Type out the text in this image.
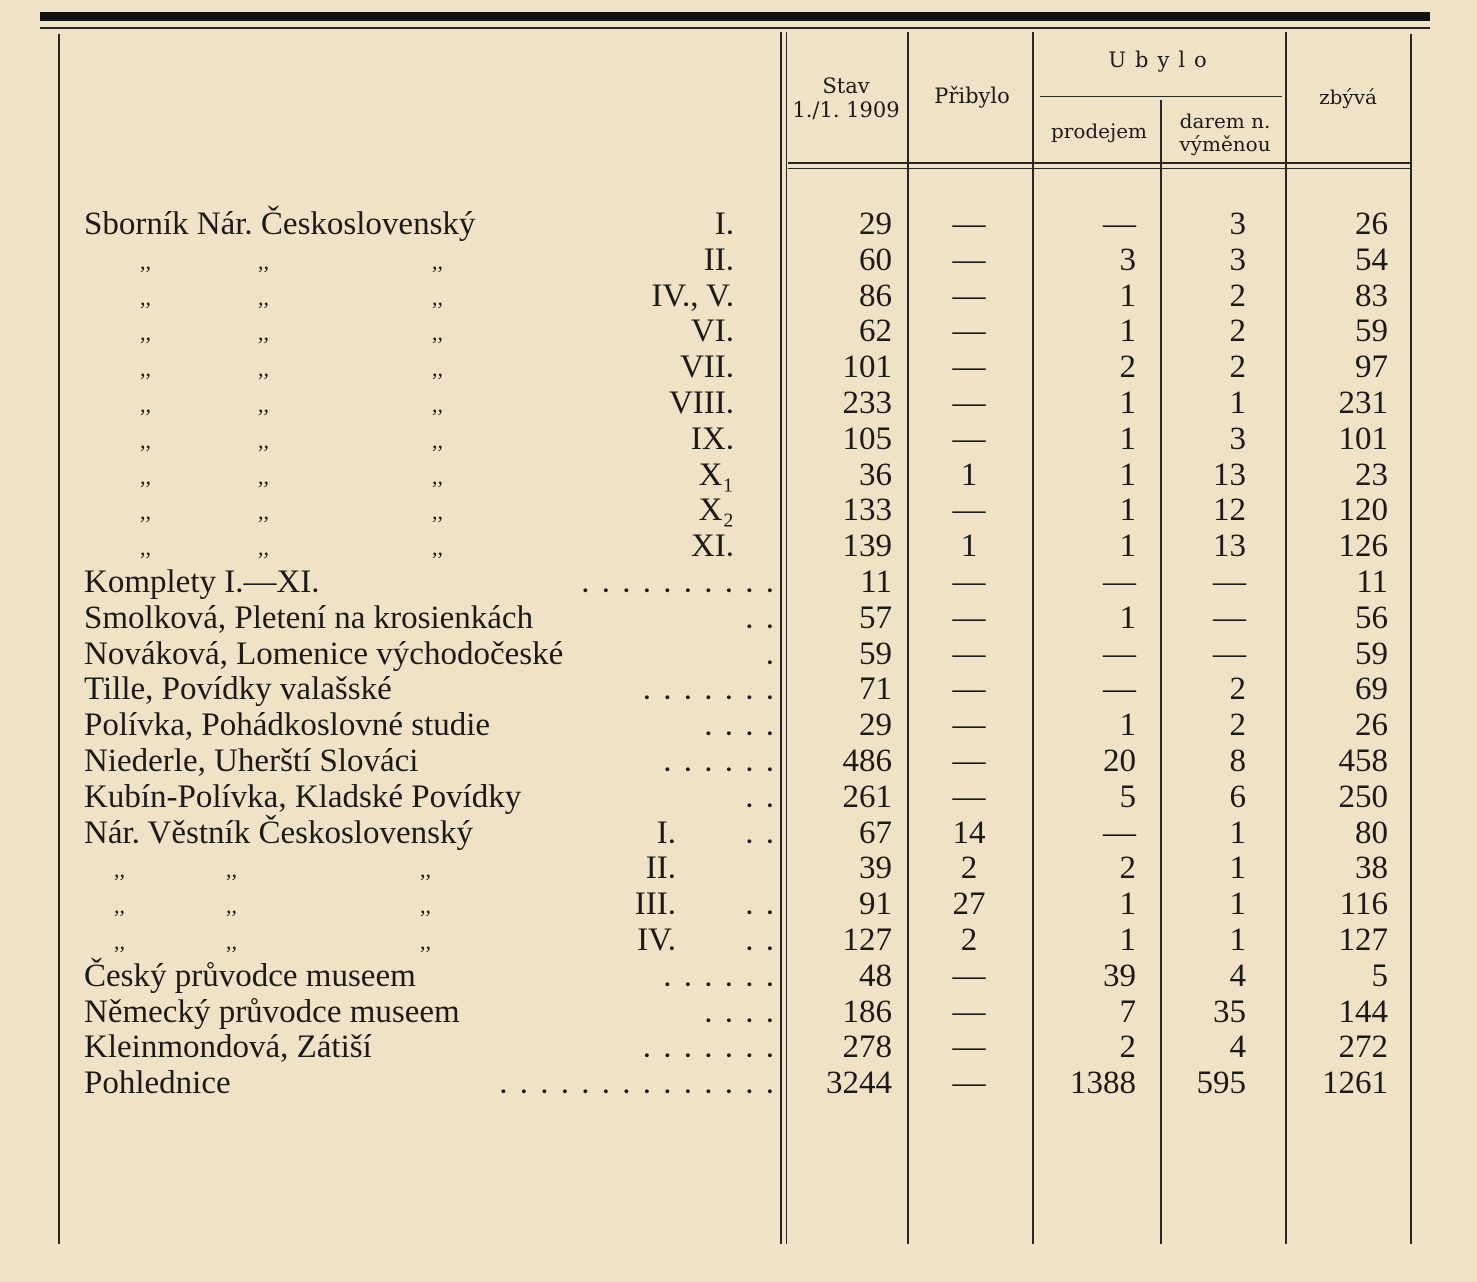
Stav
1./1. 1909
Přibylo
Ubylo
prodejem	darem n.
výměnou
zbývá
Sborník Nár. Československý	I.	29	—	—	3	26
,,	,,	,,	II.	60	—	3	3	54
,,	,,	,,	IV., V.	86	—	1	2	83
,,	,,	,,	VI.	62	—	1	2	59
,,	,,	,,	VII.	101	—	2	2	97
,,	,,	,,	VIII.	233	—	1	1	231
,,	,,	,,	IX.	105	—	1	3	101
,,	,,	,,	X₁	36	1	1	13	23
,,	,,	,,	X₂	133	—	1	12	120
,,	,,	,,	XI.	139	1	1	13	126
Komplety I.—XI.	. . . . . . . . . .	11	—	—	—	11
Smolková, Pletení na krosienkách	. .	57	—	1	—	56
Nováková, Lomenice východočeské	.	59	—	—	—	59
Tille, Povídky valašské	. . . . . . .	71	—	—	2	69
Polívka, Pohádkoslovné studie	. . . .	29	—	1	2	26
Niederle, Uherští Slováci	. . . . . .	486	—	20	8	458
Kubín-Polívka, Kladské Povídky	. .	261	—	5	6	250
Nár. Věstník Československý	I.	. .	67	14	—	1	80
,,	,,	,,	II.	39	2	2	1	38
,,	,,	,,	III.	. .	91	27	1	1	116
,,	,,	,,	IV.	. .	127	2	1	1	127
Český průvodce museem	. . . . . .	48	—	39	4	5
Německý průvodce museem	. . . .	186	—	7	35	144
Kleinmondová, Zátiší	. . . . . . .	278	—	2	4	272
Pohlednice	. . . . . . . . . . . . . .	3244	—	1388	595	1261
